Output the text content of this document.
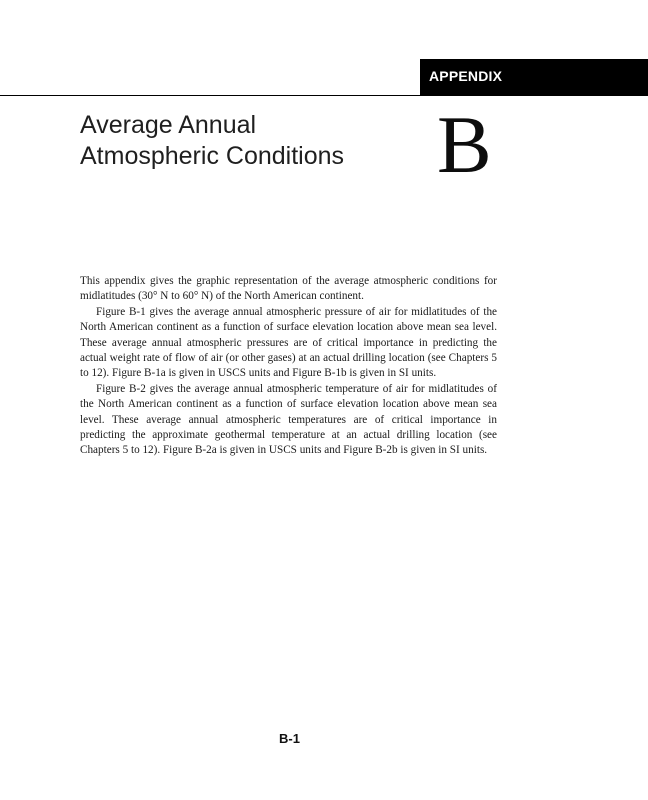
APPENDIX
Average Annual
Atmospheric Conditions B

This appendix gives the graphic representation of the average atmospheric conditions for midlatitudes (30° N to 60° N) of the North American continent.

Figure B-1 gives the average annual atmospheric pressure of air for midlatitudes of the North American continent as a function of surface elevation location above mean sea level. These average annual atmospheric pressures are of critical importance in predicting the actual weight rate of flow of air (or other gases) at an actual drilling location (see Chapters 5 to 12). Figure B-1a is given in USCS units and Figure B-1b is given in SI units.

Figure B-2 gives the average annual atmospheric temperature of air for midlatitudes of the North American continent as a function of surface elevation location above mean sea level. These average annual atmospheric temperatures are of critical importance in predicting the approximate geothermal temperature at an actual drilling location (see Chapters 5 to 12). Figure B-2a is given in USCS units and Figure B-2b is given in SI units.

B-1
